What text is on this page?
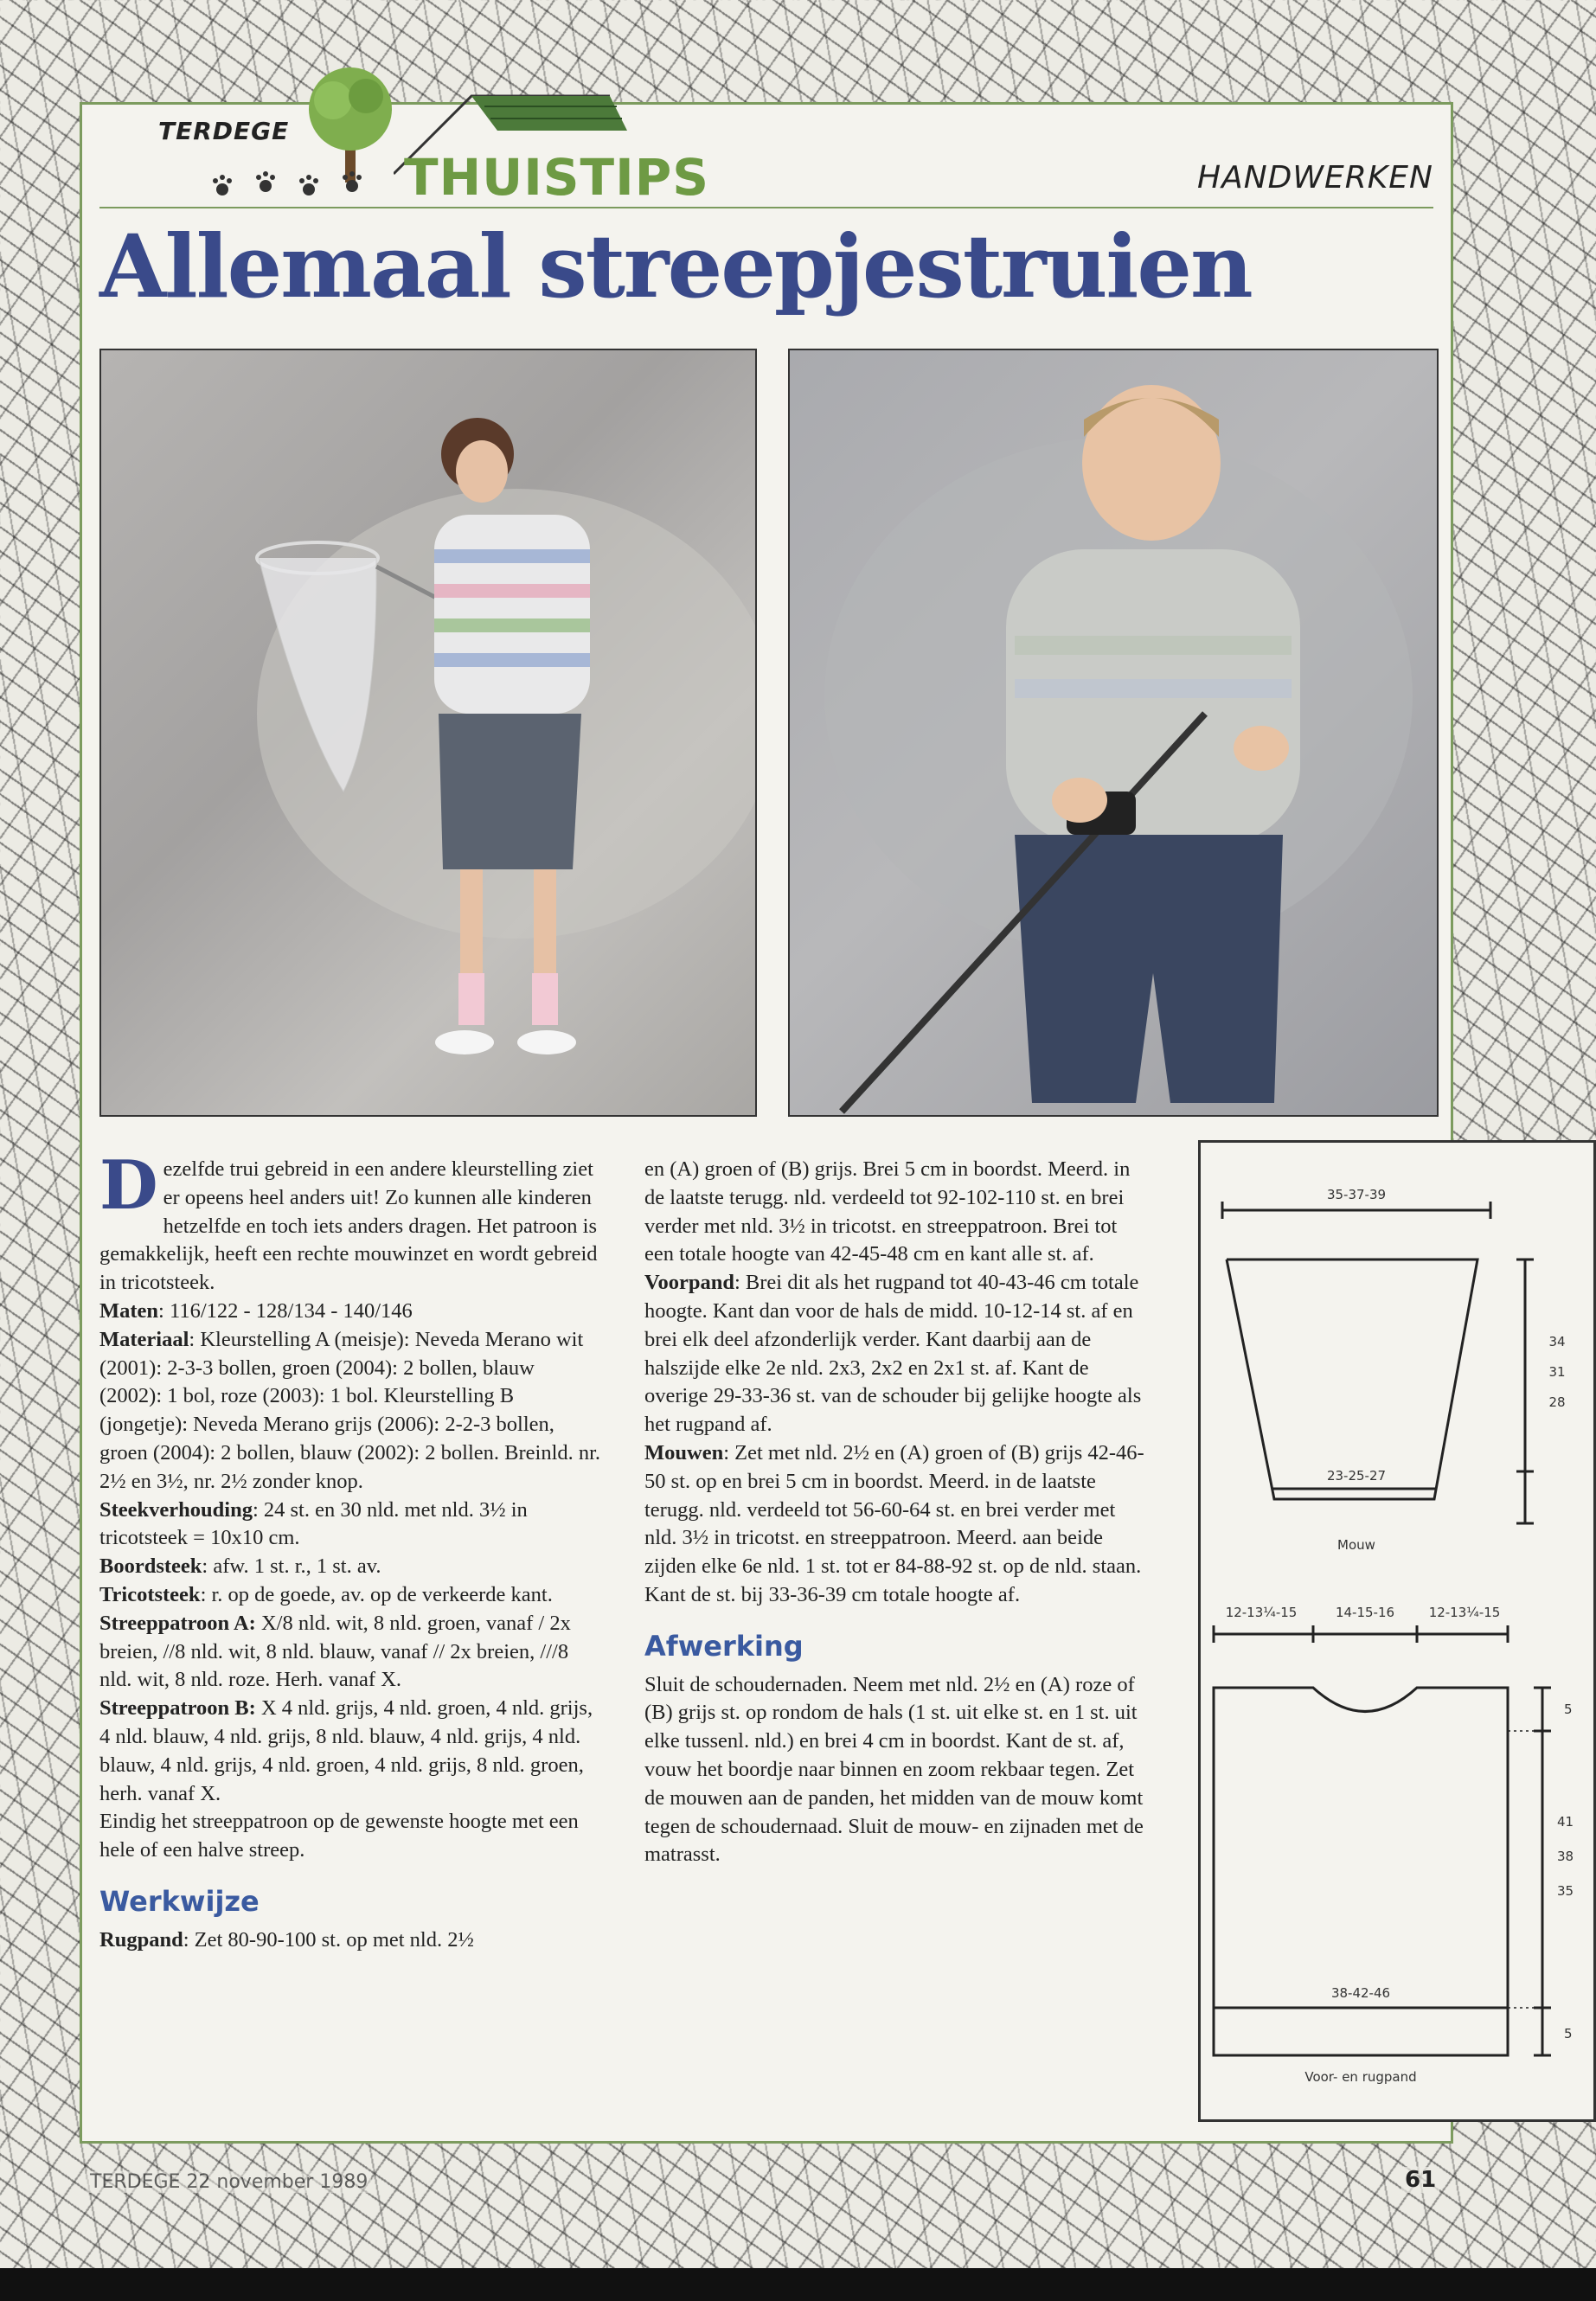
TERDEGE
THUISTIPS	HANDWERKEN
Allemaal streepjestruien

Dezelfde trui gebreid in een andere kleurstelling ziet er opeens heel anders uit! Zo kunnen alle kinderen hetzelfde en toch iets anders dragen. Het patroon is gemakkelijk, heeft een rechte mouwinzet en wordt gebreid in tricotsteek.

Maten: 116/122 - 128/134 - 140/146

Materiaal: Kleurstelling A (meisje): Neveda Merano wit (2001): 2-3-3 bollen, groen (2004): 2 bollen, blauw (2002): 1 bol, roze (2003): 1 bol. Kleurstelling B (jongetje): Neveda Merano grijs (2006): 2-2-3 bollen, groen (2004): 2 bollen, blauw (2002): 2 bollen. Breinld. nr. 2½ en 3½, nr. 2½ zonder knop.

Steekverhouding: 24 st. en 30 nld. met nld. 3½ in tricotsteek = 10x10 cm.

Boordsteek: afw. 1 st. r., 1 st. av.

Tricotsteek: r. op de goede, av. op de verkeerde kant.

Streeppatroon A: X/8 nld. wit, 8 nld. groen, vanaf / 2x breien, //8 nld. wit, 8 nld. blauw, vanaf // 2x breien, ///8 nld. wit, 8 nld. roze. Herh. vanaf X.

Streeppatroon B: X 4 nld. grijs, 4 nld. groen, 4 nld. grijs, 4 nld. blauw, 4 nld. grijs, 8 nld. blauw, 4 nld. grijs, 4 nld. blauw, 4 nld. grijs, 4 nld. groen, 4 nld. grijs, 8 nld. groen, herh. vanaf X.

Eindig het streeppatroon op de gewenste hoogte met een hele of een halve streep.

Werkwijze

Rugpand: Zet 80-90-100 st. op met nld. 2½

en (A) groen of (B) grijs. Brei 5 cm in boordst. Meerd. in de laatste terugg. nld. verdeeld tot 92-102-110 st. en brei verder met nld. 3½ in tricotst. en streeppatroon. Brei tot een totale hoogte van 42-45-48 cm en kant alle st. af.

Voorpand: Brei dit als het rugpand tot 40-43-46 cm totale hoogte. Kant dan voor de hals de midd. 10-12-14 st. af en brei elk deel afzonderlijk verder. Kant daarbij aan de halszijde elke 2e nld. 2x3, 2x2 en 2x1 st. af. Kant de overige 29-33-36 st. van de schouder bij gelijke hoogte als het rugpand af.

Mouwen: Zet met nld. 2½ en (A) groen of (B) grijs 42-46-50 st. op en brei 5 cm in boordst. Meerd. in de laatste terugg. nld. verdeeld tot 56-60-64 st. en brei verder met nld. 3½ in tricotst. en streeppatroon. Meerd. aan beide zijden elke 6e nld. 1 st. tot er 84-88-92 st. op de nld. staan. Kant de st. bij 33-36-39 cm totale hoogte af.

Afwerking

Sluit de schoudernaden. Neem met nld. 2½ en (A) roze of (B) grijs st. op rondom de hals (1 st. uit elke st. en 1 st. uit elke tussenl. nld.) en brei 4 cm in boordst. Kant de st. af, vouw het boordje naar binnen en zoom rekbaar tegen. Zet de mouwen aan de panden, het midden van de mouw komt tegen de schoudernaad. Sluit de mouw- en zijnaden met de matrasst.

35-37-39
34
31
28
23-25-27
Mouw
12-13¼-15	14-15-16	12-13¼-15
5
41
38
35
5
38-42-46
Voor- en rugpand
TERDEGE 22 november 1989	61
